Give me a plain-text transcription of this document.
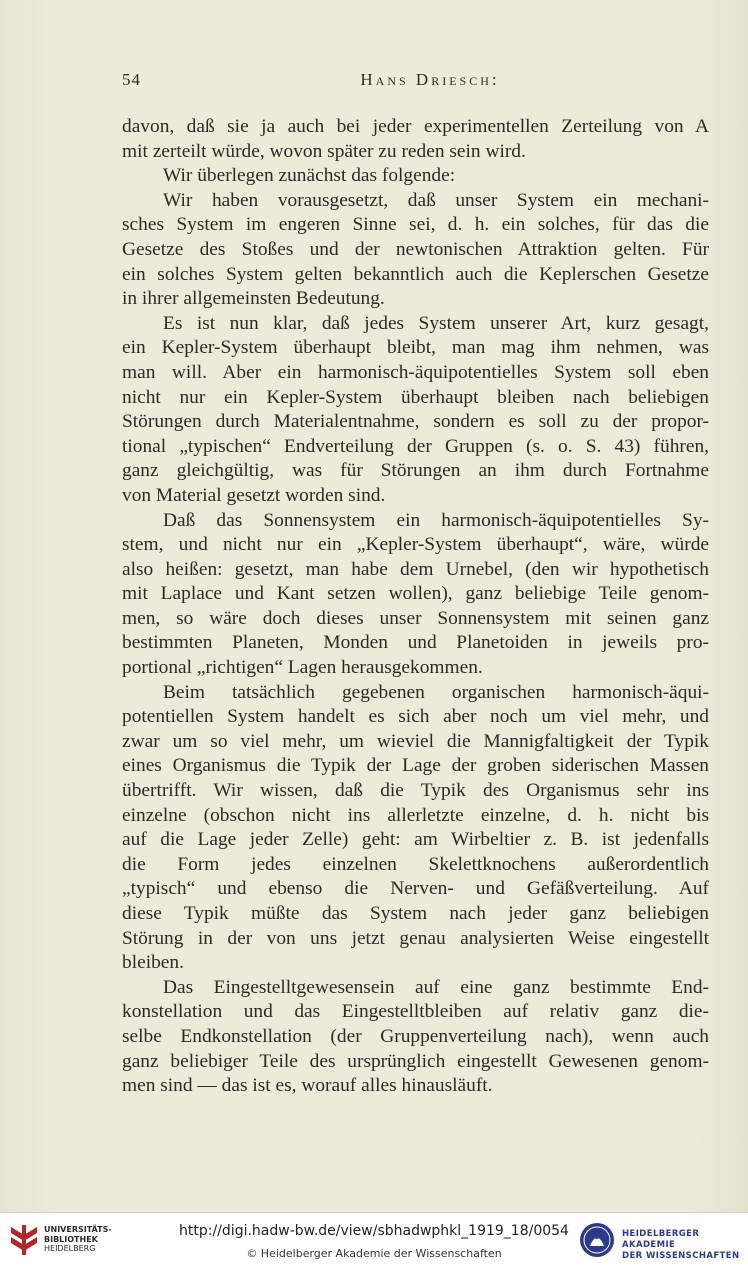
54	Hans Driesch:
davon, daß sie ja auch bei jeder experimentellen Zerteilung von A
mit zerteilt würde, wovon später zu reden sein wird.
Wir überlegen zunächst das folgende:
Wir haben vorausgesetzt, daß unser System ein mechani-
sches System im engeren Sinne sei, d. h. ein solches, für das die
Gesetze des Stoßes und der newtonischen Attraktion gelten. Für
ein solches System gelten bekanntlich auch die Keplerschen Gesetze
in ihrer allgemeinsten Bedeutung.
Es ist nun klar, daß jedes System unserer Art, kurz gesagt,
ein Kepler-System überhaupt bleibt, man mag ihm nehmen, was
man will. Aber ein harmonisch-äquipotentielles System soll eben
nicht nur ein Kepler-System überhaupt bleiben nach beliebigen
Störungen durch Materialentnahme, sondern es soll zu der propor-
tional „typischen“ Endverteilung der Gruppen (s. o. S. 43) führen,
ganz gleichgültig, was für Störungen an ihm durch Fortnahme
von Material gesetzt worden sind.
Daß das Sonnensystem ein harmonisch-äquipotentielles Sy-
stem, und nicht nur ein „Kepler-System überhaupt“, wäre, würde
also heißen: gesetzt, man habe dem Urnebel, (den wir hypothetisch
mit Laplace und Kant setzen wollen), ganz beliebige Teile genom-
men, so wäre doch dieses unser Sonnensystem mit seinen ganz
bestimmten Planeten, Monden und Planetoiden in jeweils pro-
portional „richtigen“ Lagen herausgekommen.
Beim tatsächlich gegebenen organischen harmonisch-äqui-
potentiellen System handelt es sich aber noch um viel mehr, und
zwar um so viel mehr, um wieviel die Mannigfaltigkeit der Typik
eines Organismus die Typik der Lage der groben siderischen Massen
übertrifft. Wir wissen, daß die Typik des Organismus sehr ins
einzelne (obschon nicht ins allerletzte einzelne, d. h. nicht bis
auf die Lage jeder Zelle) geht: am Wirbeltier z. B. ist jedenfalls
die Form jedes einzelnen Skelettknochens außerordentlich
„typisch“ und ebenso die Nerven- und Gefäßverteilung. Auf
diese Typik müßte das System nach jeder ganz beliebigen
Störung in der von uns jetzt genau analysierten Weise eingestellt
bleiben.
Das Eingestelltgewesensein auf eine ganz bestimmte End-
konstellation und das Eingestelltbleiben auf relativ ganz die-
selbe Endkonstellation (der Gruppenverteilung nach), wenn auch
ganz beliebiger Teile des ursprünglich eingestellt Gewesenen genom-
men sind — das ist es, worauf alles hinausläuft.
UNIVERSITÄTS-
BIBLIOTHEK
HEIDELBERG
http://digi.hadw-bw.de/view/sbhadwphkl_1919_18/0054
© Heidelberger Akademie der Wissenschaften
HEIDELBERGER AKADEMIE
DER WISSENSCHAFTEN
